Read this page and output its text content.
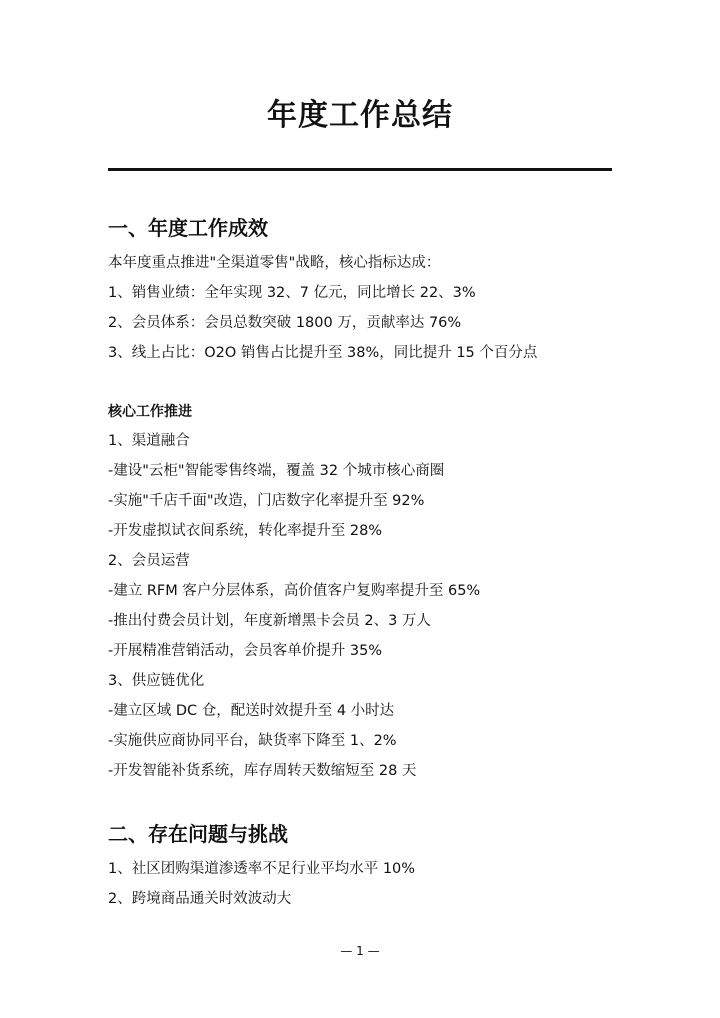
年度工作总结
一、年度工作成效
本年度重点推进"全渠道零售"战略，核心指标达成：
1、销售业绩：全年实现 32、7 亿元，同比增长 22、3%
2、会员体系：会员总数突破 1800 万，贡献率达 76%
3、线上占比：O2O 销售占比提升至 38%，同比提升 15 个百分点
核心工作推进
1、渠道融合
-建设"云柜"智能零售终端，覆盖 32 个城市核心商圈
-实施"千店千面"改造，门店数字化率提升至 92%
-开发虚拟试衣间系统，转化率提升至 28%
2、会员运营
-建立 RFM 客户分层体系，高价值客户复购率提升至 65%
-推出付费会员计划，年度新增黑卡会员 2、3 万人
-开展精准营销活动，会员客单价提升 35%
3、供应链优化
-建立区域 DC 仓，配送时效提升至 4 小时达
-实施供应商协同平台，缺货率下降至 1、2%
-开发智能补货系统，库存周转天数缩短至 28 天
二、存在问题与挑战
1、社区团购渠道渗透率不足行业平均水平 10%
2、跨境商品通关时效波动大
— 1 —
